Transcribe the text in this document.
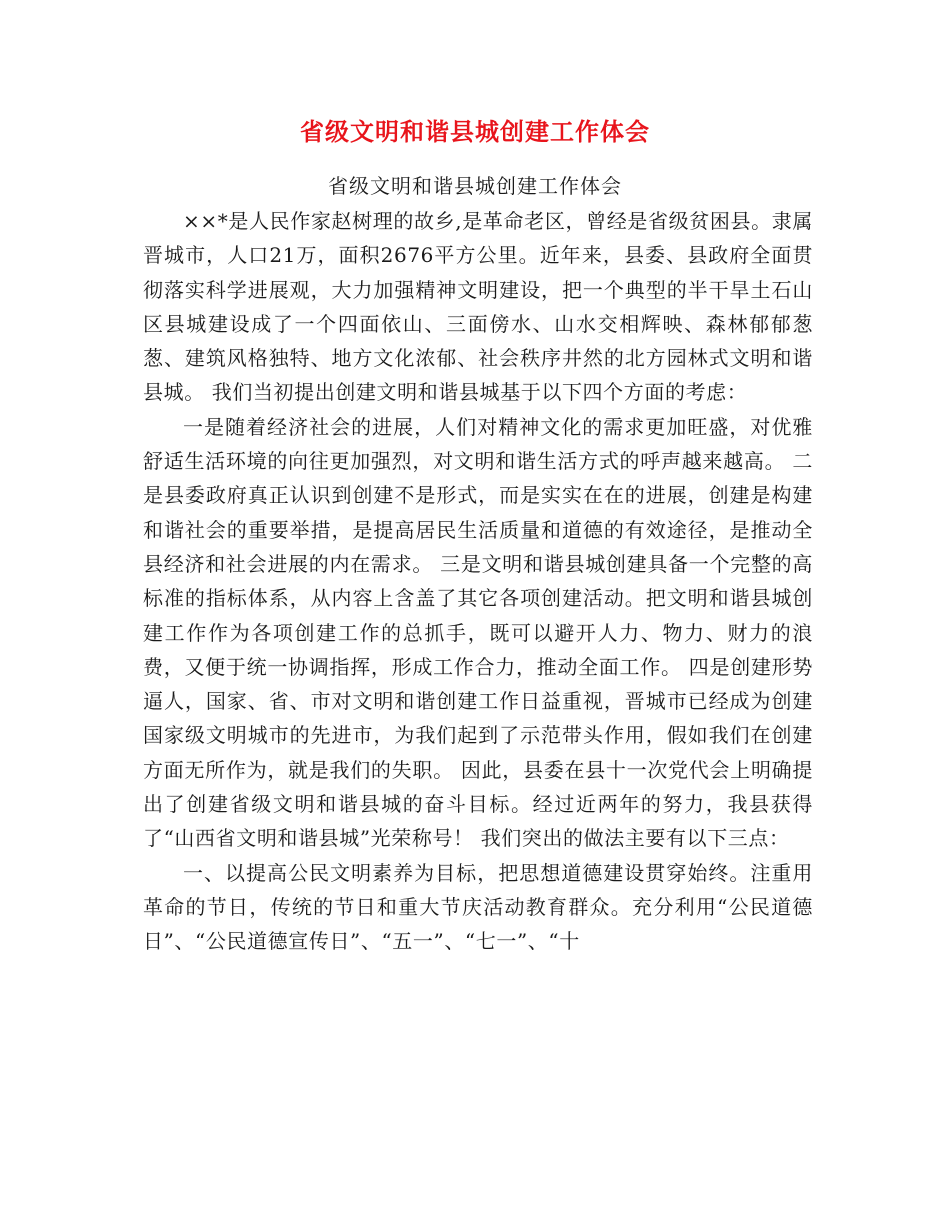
省级文明和谐县城创建工作体会
省级文明和谐县城创建工作体会

××*是人民作家赵树理的故乡,是革命老区，曾经是省级贫困县。隶属晋城市，人口21万，面积2676平方公里。近年来，县委、县政府全面贯彻落实科学进展观，大力加强精神文明建设，把一个典型的半干旱土石山区县城建设成了一个四面依山、三面傍水、山水交相辉映、森林郁郁葱葱、建筑风格独特、地方文化浓郁、社会秩序井然的北方园林式文明和谐县城。 我们当初提出创建文明和谐县城基于以下四个方面的考虑：

一是随着经济社会的进展，人们对精神文化的需求更加旺盛，对优雅舒适生活环境的向往更加强烈，对文明和谐生活方式的呼声越来越高。 二是县委政府真正认识到创建不是形式，而是实实在在的进展，创建是构建和谐社会的重要举措，是提高居民生活质量和道德的有效途径，是推动全县经济和社会进展的内在需求。 三是文明和谐县城创建具备一个完整的高标准的指标体系，从内容上含盖了其它各项创建活动。把文明和谐县城创建工作作为各项创建工作的总抓手，既可以避开人力、物力、财力的浪费，又便于统一协调指挥，形成工作合力，推动全面工作。 四是创建形势逼人，国家、省、市对文明和谐创建工作日益重视，晋城市已经成为创建国家级文明城市的先进市，为我们起到了示范带头作用，假如我们在创建方面无所作为，就是我们的失职。 因此，县委在县十一次党代会上明确提出了创建省级文明和谐县城的奋斗目标。经过近两年的努力，我县获得了“山西省文明和谐县城”光荣称号！ 我们突出的做法主要有以下三点：

一、以提高公民文明素养为目标，把思想道德建设贯穿始终。注重用革命的节日，传统的节日和重大节庆活动教育群众。充分利用“公民道德日”、“公民道德宣传日”、“五一”、“七一”、“十
